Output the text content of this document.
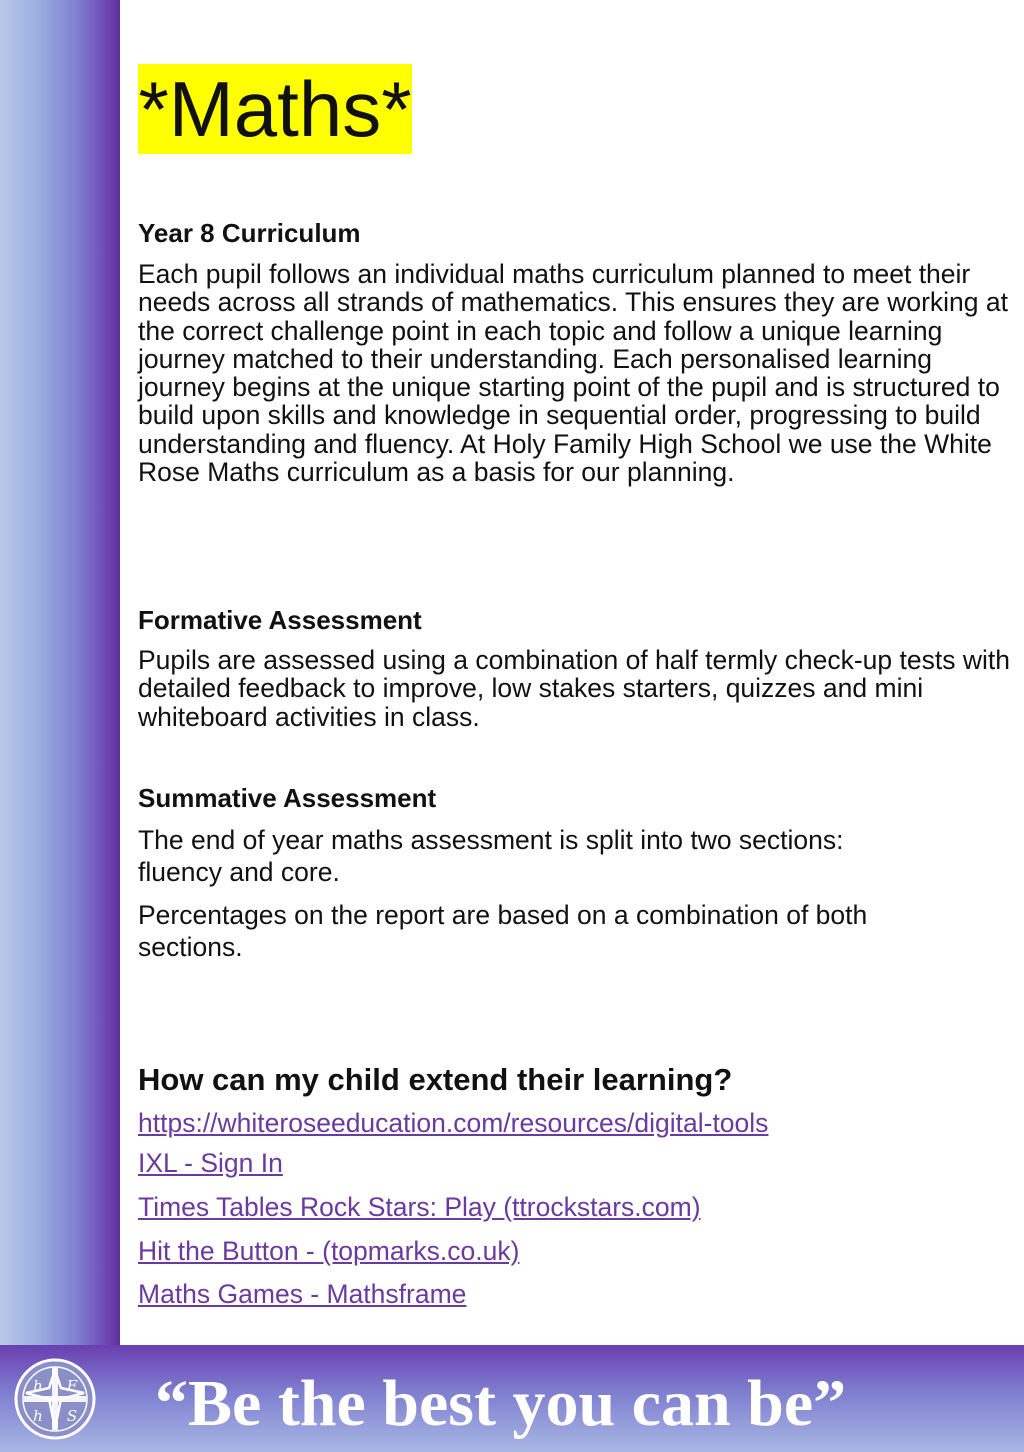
*Maths*
Year 8 Curriculum
Each pupil follows an individual maths curriculum planned to meet their needs across all strands of mathematics. This ensures they are working at the correct challenge point in each topic and follow a unique learning journey matched to their understanding. Each personalised learning journey begins at the unique starting point of the pupil and is structured to build upon skills and knowledge in sequential order, progressing to build understanding and fluency. At Holy Family High School we use the White Rose Maths curriculum as a basis for our planning.
Formative Assessment
Pupils are assessed using a combination of half termly check-up tests with detailed feedback to improve, low stakes starters, quizzes and mini whiteboard activities in class.
Summative Assessment
The end of year maths assessment is split into two sections:
fluency and core.
Percentages on the report are based on a combination of both
sections.
How can my child extend their learning?
https://whiteroseeducation.com/resources/digital-tools
IXL - Sign In
Times Tables Rock Stars: Play (ttrockstars.com)
Hit the Button - (topmarks.co.uk)
Maths Games - Mathsframe
h F
h S “Be the best you can be”
